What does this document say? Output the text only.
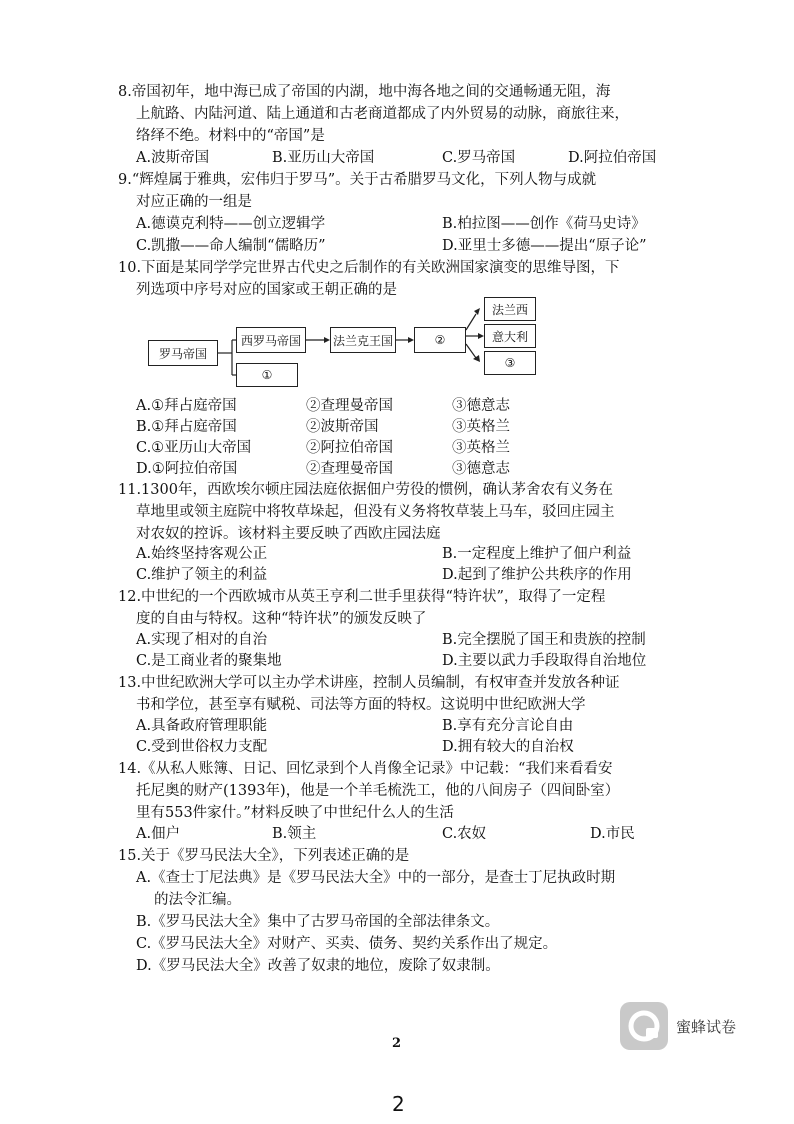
8.帝国初年，地中海已成了帝国的内湖，地中海各地之间的交通畅通无阻，海
上航路、内陆河道、陆上通道和古老商道都成了内外贸易的动脉，商旅往来，
络绎不绝。材料中的“帝国”是
A.波斯帝国	B.亚历山大帝国	C.罗马帝国	D.阿拉伯帝国
9.“辉煌属于雅典，宏伟归于罗马”。关于古希腊罗马文化，下列人物与成就
对应正确的一组是
A.德谟克利特——创立逻辑学	B.柏拉图——创作《荷马史诗》
C.凯撒——命人编制“儒略历”	D.亚里士多德——提出“原子论”
10.下面是某同学学完世界古代史之后制作的有关欧洲国家演变的思维导图，下
列选项中序号对应的国家或王朝正确的是
罗马帝国
西罗马帝国
①
法兰克王国	②
法兰西
意大利
③
A.①拜占庭帝国	②查理曼帝国	③德意志
B.①拜占庭帝国	②波斯帝国	③英格兰
C.①亚历山大帝国	②阿拉伯帝国	③英格兰
D.①阿拉伯帝国	②查理曼帝国	③德意志
11.1300年，西欧埃尔顿庄园法庭依据佃户劳役的惯例，确认茅舍农有义务在
草地里或领主庭院中将牧草垛起，但没有义务将牧草装上马车，驳回庄园主
对农奴的控诉。该材料主要反映了西欧庄园法庭
A.始终坚持客观公正	B.一定程度上维护了佃户利益
C.维护了领主的利益	D.起到了维护公共秩序的作用
12.中世纪的一个西欧城市从英王亨利二世手里获得“特许状”，取得了一定程
度的自由与特权。这种“特许状”的颁发反映了
A.实现了相对的自治	B.完全摆脱了国王和贵族的控制
C.是工商业者的聚集地	D.主要以武力手段取得自治地位
13.中世纪欧洲大学可以主办学术讲座，控制人员编制，有权审查并发放各种证
书和学位，甚至享有赋税、司法等方面的特权。这说明中世纪欧洲大学
A.具备政府管理职能	B.享有充分言论自由
C.受到世俗权力支配	D.拥有较大的自治权
14.《从私人账簿、日记、回忆录到个人肖像全记录》中记载：“我们来看看安
托尼奥的财产(1393年)，他是一个羊毛梳洗工，他的八间房子（四间卧室）
里有553件家什。”材料反映了中世纪什么人的生活
A.佃户	B.领主	C.农奴	D.市民
15.关于《罗马民法大全》，下列表述正确的是
A.《查士丁尼法典》是《罗马民法大全》中的一部分，是查士丁尼执政时期
的法令汇编。
B.《罗马民法大全》集中了古罗马帝国的全部法律条文。
C.《罗马民法大全》对财产、买卖、债务、契约关系作出了规定。
D.《罗马民法大全》改善了奴隶的地位，废除了奴隶制。
蜜蜂试卷
2
2
